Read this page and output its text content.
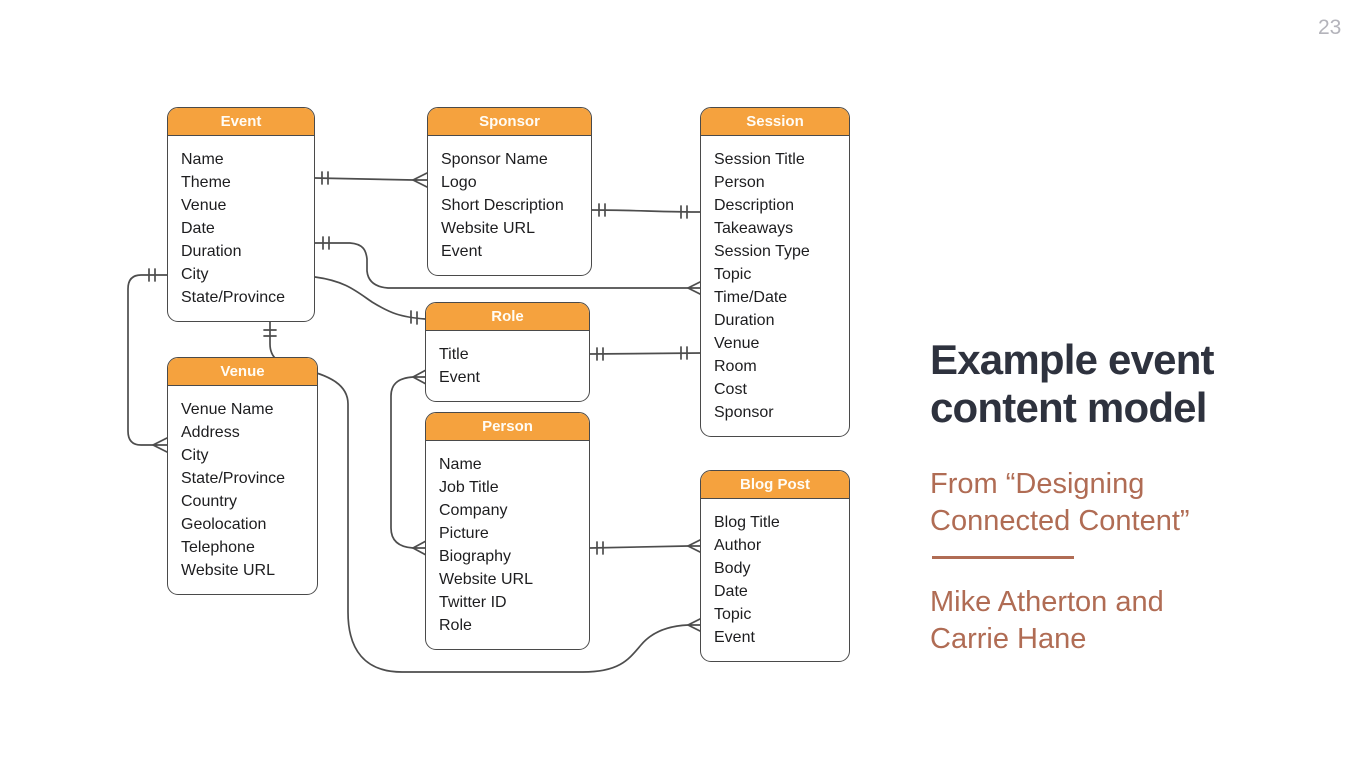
23
Event
Name
Theme
Venue
Date
Duration
City
State/Province
Sponsor
Sponsor Name
Logo
Short Description
Website URL
Event
Session
Session Title
Person
Description
Takeaways
Session Type
Topic
Time/Date
Duration
Venue
Room
Cost
Sponsor
Venue
Venue Name
Address
City
State/Province
Country
Geolocation
Telephone
Website URL
Role
Title
Event
Person
Name
Job Title
Company
Picture
Biography
Website URL
Twitter ID
Role
Blog Post
Blog Title
Author
Body
Date
Topic
Event
Example event
content model
From “Designing
Connected Content”
Mike Atherton and
Carrie Hane
